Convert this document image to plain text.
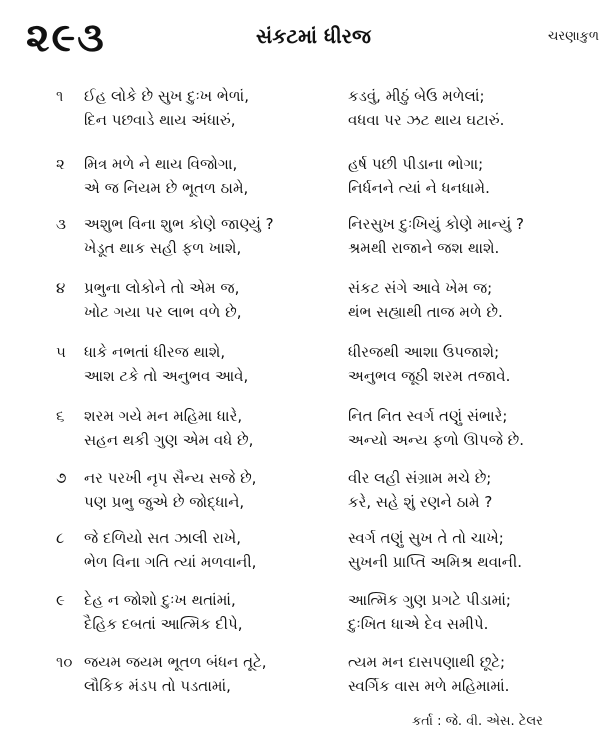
૨૯૩	સંકટમાં ધીરજ	ચરણાકુળ
૧ ઈહ લોકે છે સુખ દુઃખ ભેળાં,	કડવું, મીઠું બેઉ મળેલાં;
દિન પછવાડે થાય અંધારું,	વધવા પર ઝટ થાય ઘટારું.
૨ મિત્ર મળે ને થાય વિજોગા,	હર્ષ પછી પીડાના ભોગા;
એ જ નિયમ છે ભૂતળ ઠામે,	નિર્ધનને ત્યાં ને ધનધામે.
૩ અશુભ વિના શુભ કોણે જાણ્યું ?	નિરસુખ દુઃખિયું કોણે માન્યું ?
ખેડૂત થાક સહી ફળ ખાશે,	શ્રમથી રાજાને જશ થાશે.
૪ પ્રભુના લોકોને તો એમ જ,	સંકટ સંગે આવે ખેમ જ;
ખોટ ગયા પર લાભ વળે છે,	થંભ સહ્યાથી તાજ મળે છે.
૫ ધાકે નભતાં ધીરજ થાશે,	ધીરજથી આશા ઉપજાશે;
આશ ટકે તો અનુભવ આવે,	અનુભવ જૂઠી શરમ તજાવે.
૬ શરમ ગયે મન મહિમા ધારે,	નિત નિત સ્વર્ગ તણું સંભારે;
સહન થકી ગુણ એમ વધે છે,	અન્યો અન્ય ફળો ઊપજે છે.
૭ નર પરખી નૃપ સૈન્ય સજે છે,	વીર લહી સંગ્રામ મચે છે;
પણ પ્રભુ જુએ છે જોદ્ધાને,	કરે, સહે શું રણને ઠામે ?
૮ જે દળિયો સત ઝાલી રાખે,	સ્વર્ગ તણું સુખ તે તો ચાખે;
ભેળ વિના ગતિ ત્યાં મળવાની,	સુખની પ્રાપ્તિ અમિશ્ર થવાની.
૯ દેહ ન જોશો દુઃખ થતાંમાં,	આત્મિક ગુણ પ્રગટે પીડામાં;
દૈહિક દબતાં આત્મિક દીપે,	દુઃખિત ધાએ દેવ સમીપે.
૧૦ જયમ જયમ ભૂતળ બંધન તૂટે,	ત્યમ મન દાસપણાથી છૂટે;
લૌકિક મંડપ તો પડતામાં,	સ્વર્ગિક વાસ મળે મહિમામાં.
કર્તા : જે. વી. એસ. ટેલર
